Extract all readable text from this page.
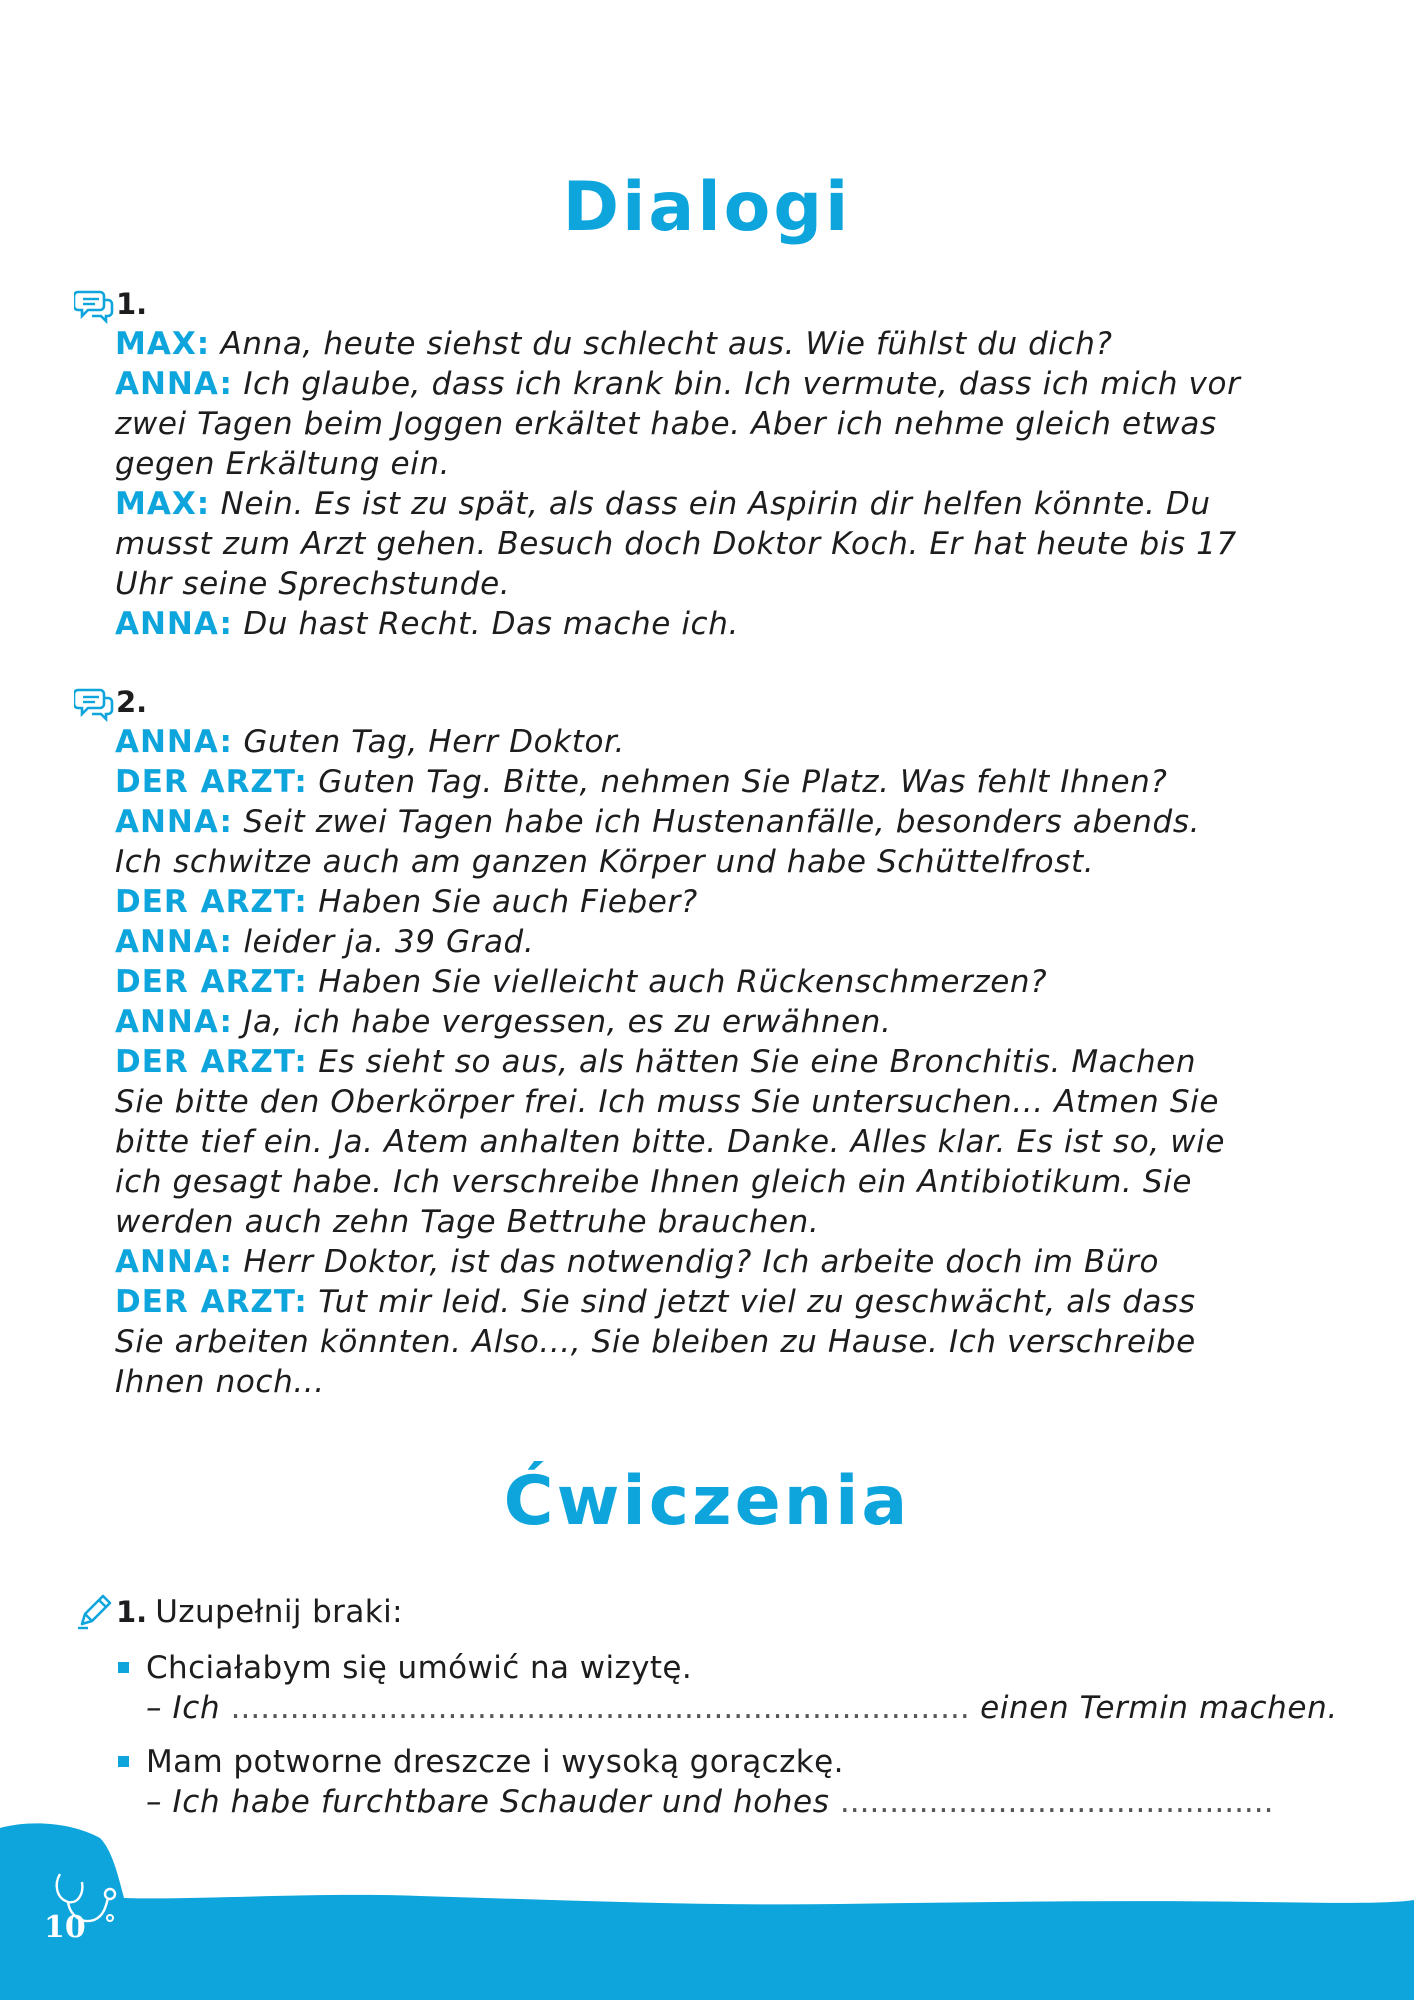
Dialogi
1.
MAX: Anna, heute siehst du schlecht aus. Wie fühlst du dich?
ANNA: Ich glaube, dass ich krank bin. Ich vermute, dass ich mich vor
zwei Tagen beim Joggen erkältet habe. Aber ich nehme gleich etwas
gegen Erkältung ein.
MAX: Nein. Es ist zu spät, als dass ein Aspirin dir helfen könnte. Du
musst zum Arzt gehen. Besuch doch Doktor Koch. Er hat heute bis 17
Uhr seine Sprechstunde.
ANNA: Du hast Recht. Das mache ich.
2.
ANNA: Guten Tag, Herr Doktor.
DER ARZT: Guten Tag. Bitte, nehmen Sie Platz. Was fehlt Ihnen?
ANNA: Seit zwei Tagen habe ich Hustenanfälle, besonders abends.
Ich schwitze auch am ganzen Körper und habe Schüttelfrost.
DER ARZT: Haben Sie auch Fieber?
ANNA: leider ja. 39 Grad.
DER ARZT: Haben Sie vielleicht auch Rückenschmerzen?
ANNA: Ja, ich habe vergessen, es zu erwähnen.
DER ARZT: Es sieht so aus, als hätten Sie eine Bronchitis. Machen
Sie bitte den Oberkörper frei. Ich muss Sie untersuchen... Atmen Sie
bitte tief ein. Ja. Atem anhalten bitte. Danke. Alles klar. Es ist so, wie
ich gesagt habe. Ich verschreibe Ihnen gleich ein Antibiotikum. Sie
werden auch zehn Tage Bettruhe brauchen.
ANNA: Herr Doktor, ist das notwendig? Ich arbeite doch im Büro
DER ARZT: Tut mir leid. Sie sind jetzt viel zu geschwächt, als dass
Sie arbeiten könnten. Also..., Sie bleiben zu Hause. Ich verschreibe
Ihnen noch...
Ćwiczenia
1. Uzupełnij braki:
Chciałabym się umówić na wizytę.
– Ich ........................................................................... einen Termin machen.
Mam potworne dreszcze i wysoką gorączkę.
– Ich habe furchtbare Schauder und hohes ............................................
10
